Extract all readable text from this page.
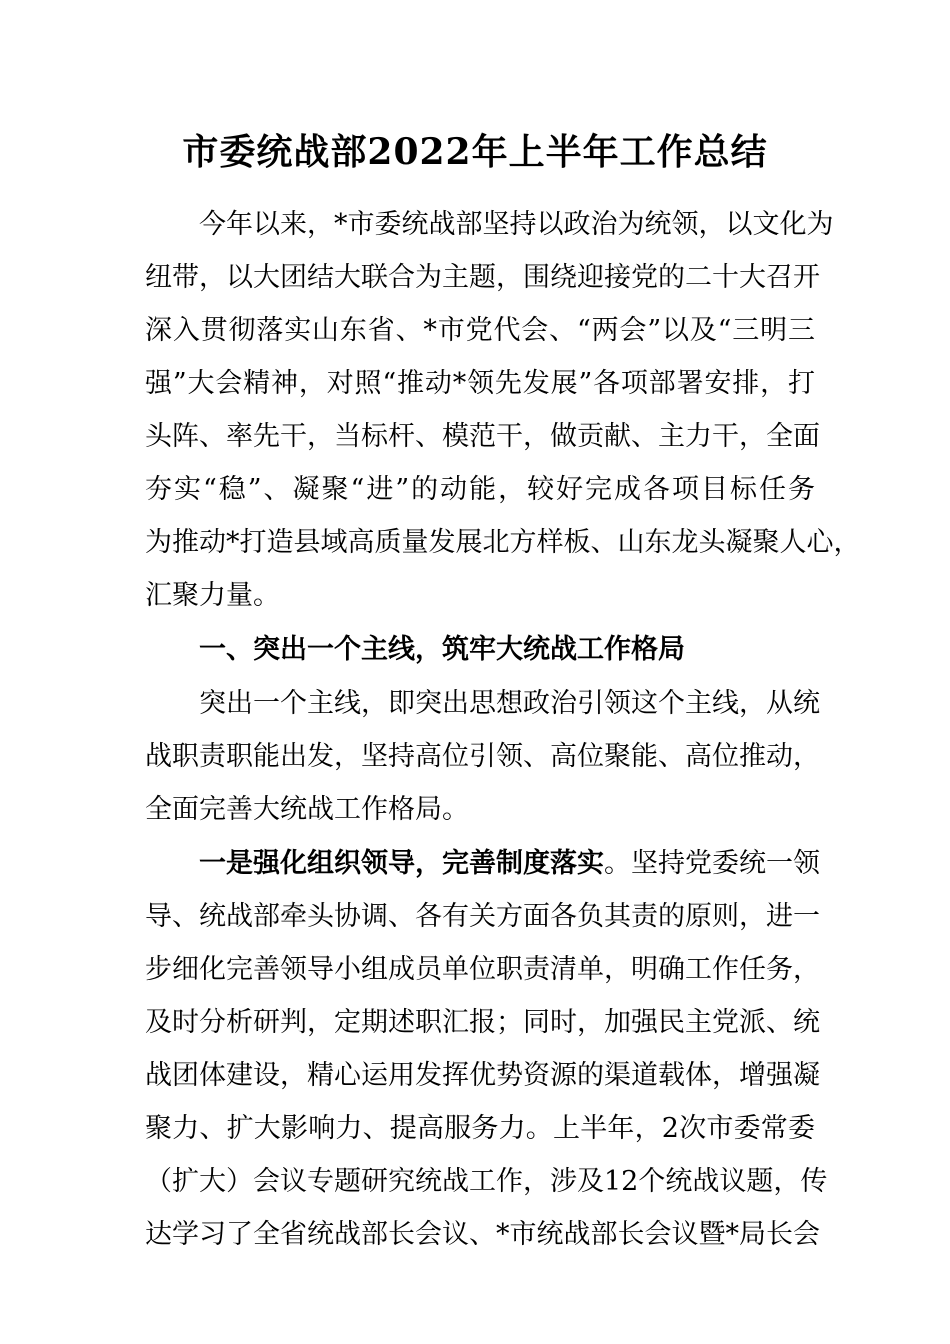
市委统战部2022年上半年工作总结
今年以来，*市委统战部坚持以政治为统领，以文化为
纽带，以大团结大联合为主题，围绕迎接党的二十大召开
深入贯彻落实山东省、*市党代会、“两会”以及“三明三
强”大会精神，对照“推动*领先发展”各项部署安排，打
头阵、率先干，当标杆、模范干，做贡献、主力干，全面
夯实“稳”、凝聚“进”的动能，较好完成各项目标任务
为推动*打造县域高质量发展北方样板、山东龙头凝聚人心，
汇聚力量。
一、突出一个主线，筑牢大统战工作格局
突出一个主线，即突出思想政治引领这个主线，从统
战职责职能出发，坚持高位引领、高位聚能、高位推动，
全面完善大统战工作格局。
一是强化组织领导，完善制度落实。坚持党委统一领
导、统战部牵头协调、各有关方面各负其责的原则，进一
步细化完善领导小组成员单位职责清单，明确工作任务，
及时分析研判，定期述职汇报；同时，加强民主党派、统
战团体建设，精心运用发挥优势资源的渠道载体，增强凝
聚力、扩大影响力、提高服务力。上半年，2次市委常委
（扩大）会议专题研究统战工作，涉及12个统战议题，传
达学习了全省统战部长会议、*市统战部长会议暨*局长会
